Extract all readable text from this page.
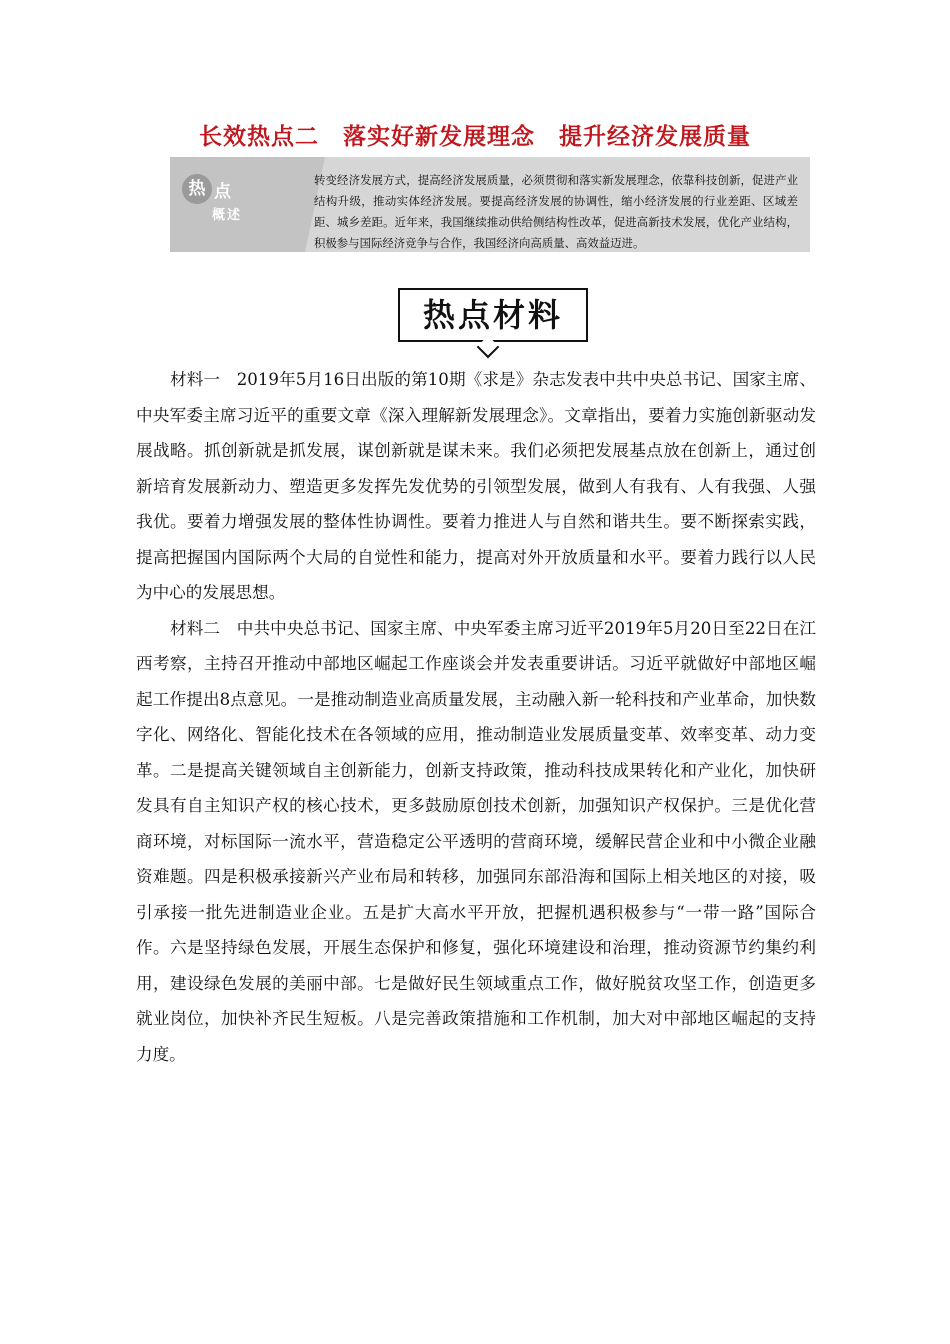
长效热点二　落实好新发展理念　提升经济发展质量
热 点
概述
转变经济发展方式，提高经济发展质量，必须贯彻和落实新发展理念，依靠科技创新，促进产业结构升级，推动实体经济发展。要提高经济发展的协调性，缩小经济发展的行业差距、区域差距、城乡差距。近年来，我国继续推动供给侧结构性改革，促进高新技术发展，优化产业结构，积极参与国际经济竞争与合作，我国经济向高质量、高效益迈进。
热点材料

材料一　2019年5月16日出版的第10期《求是》杂志发表中共中央总书记、国家主席、中央军委主席习近平的重要文章《深入理解新发展理念》。文章指出，要着力实施创新驱动发展战略。抓创新就是抓发展，谋创新就是谋未来。我们必须把发展基点放在创新上，通过创新培育发展新动力、塑造更多发挥先发优势的引领型发展，做到人有我有、人有我强、人强我优。要着力增强发展的整体性协调性。要着力推进人与自然和谐共生。要不断探索实践，提高把握国内国际两个大局的自觉性和能力，提高对外开放质量和水平。要着力践行以人民为中心的发展思想。

材料二　中共中央总书记、国家主席、中央军委主席习近平2019年5月20日至22日在江西考察，主持召开推动中部地区崛起工作座谈会并发表重要讲话。习近平就做好中部地区崛起工作提出8点意见。一是推动制造业高质量发展，主动融入新一轮科技和产业革命，加快数字化、网络化、智能化技术在各领域的应用，推动制造业发展质量变革、效率变革、动力变革。二是提高关键领域自主创新能力，创新支持政策，推动科技成果转化和产业化，加快研发具有自主知识产权的核心技术，更多鼓励原创技术创新，加强知识产权保护。三是优化营商环境，对标国际一流水平，营造稳定公平透明的营商环境，缓解民营企业和中小微企业融资难题。四是积极承接新兴产业布局和转移，加强同东部沿海和国际上相关地区的对接，吸引承接一批先进制造业企业。五是扩大高水平开放，把握机遇积极参与“一带一路”国际合作。六是坚持绿色发展，开展生态保护和修复，强化环境建设和治理，推动资源节约集约利用，建设绿色发展的美丽中部。七是做好民生领域重点工作，做好脱贫攻坚工作，创造更多就业岗位，加快补齐民生短板。八是完善政策措施和工作机制，加大对中部地区崛起的支持力度。
